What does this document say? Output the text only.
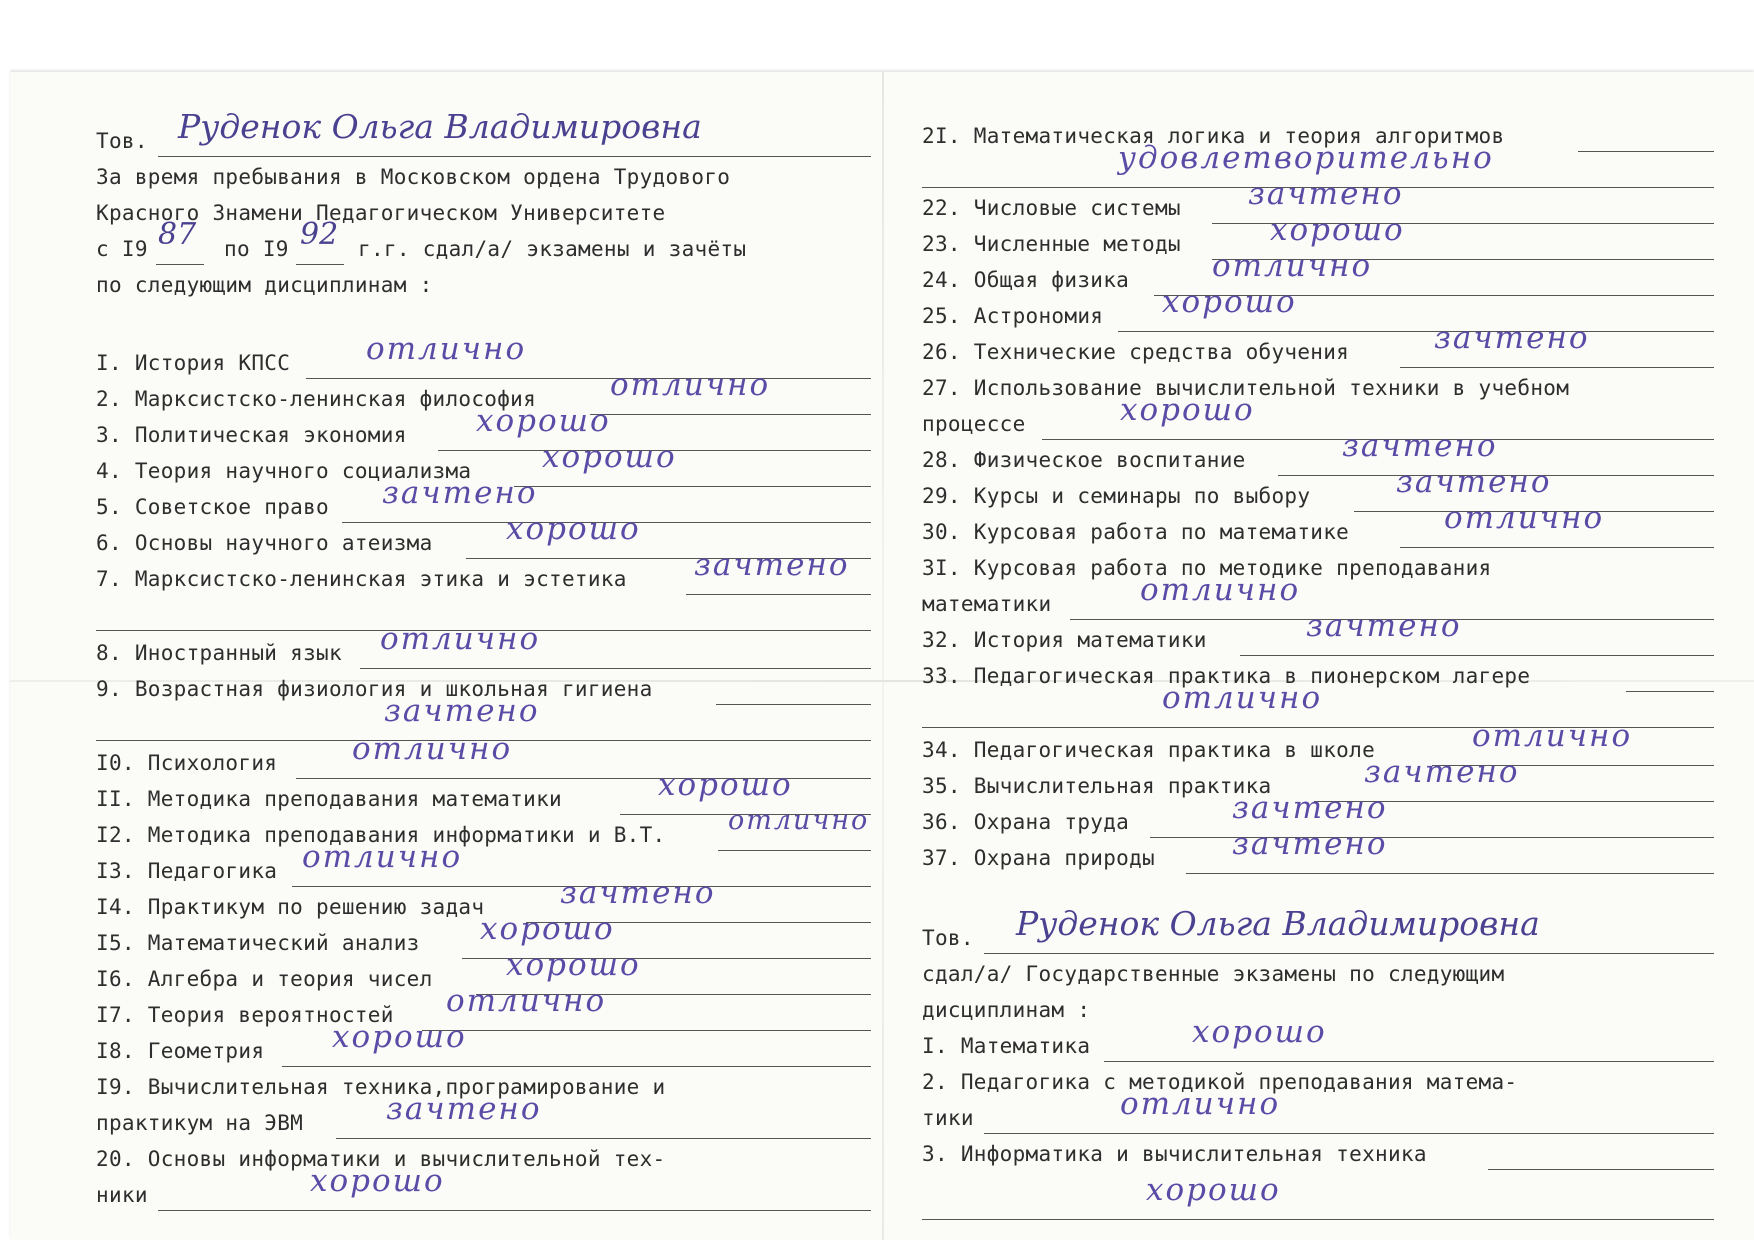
Тов. Руденок Ольга Владимировна
За время пребывания в Московском ордена Трудового
Красного Знамени Педагогическом Университете
с I9 87 по I9 92 г.г. сдал/а/ экзамены и зачёты
по следующим дисциплинам :
I. История КПСС отлично
2. Марксистско-ленинская философия отлично
3. Политическая экономия хорошо
4. Теория научного социализма хорошо
5. Советское право зачтено
6. Основы научного атеизма хорошо
7. Марксистско-ленинская этика и эстетика зачтено
8. Иностранный язык отлично
9. Возрастная физиология и школьная гигиена
зачтено
I0. Психология отлично
II. Методика преподавания математики	хорошо
I2. Методика преподавания информатики и В.Т. отлично
I3. Педагогика отлично
I4. Практикум по решению задач зачтено
I5. Математический анализ хорошо
I6. Алгебра и теория чисел хорошо
I7. Теория вероятностей отлично
I8. Геометрия хорошо
I9. Вычислительная техника,програмирование и
практикум на ЭВМ	зачтено
20. Основы информатики и вычислительной тех-
ники	хорошо
2I. Математическая логика и теория алгоритмов
удовлетворительно
22. Числовые системы зачтено
23. Численные методы	хорошо
24. Общая физика	отлично
25. Астрономия хорошо
26. Технические средства обучения	зачтено
27. Использование вычислительной техники в учебном
процессе	хорошо
28. Физическое воспитание	зачтено
29. Курсы и семинары по выбору	зачтено
30. Курсовая работа по математике	отлично
3I. Курсовая работа по методике преподавания
математики	отлично
32. История математики	зачтено
33. Педагогическая практика в пионерском лагере
отлично
34. Педагогическая практика в школе	отлично
35. Вычислительная практика	зачтено
36. Охрана труда	зачтено
37. Охрана природы зачтено
Тов. Руденок Ольга Владимировна
сдал/а/ Государственные экзамены по следующим
дисциплинам :
I. Математика	хорошо
2. Педагогика с методикой преподавания матема-
тики	отлично
3. Информатика и вычислительная техника
хорошо
